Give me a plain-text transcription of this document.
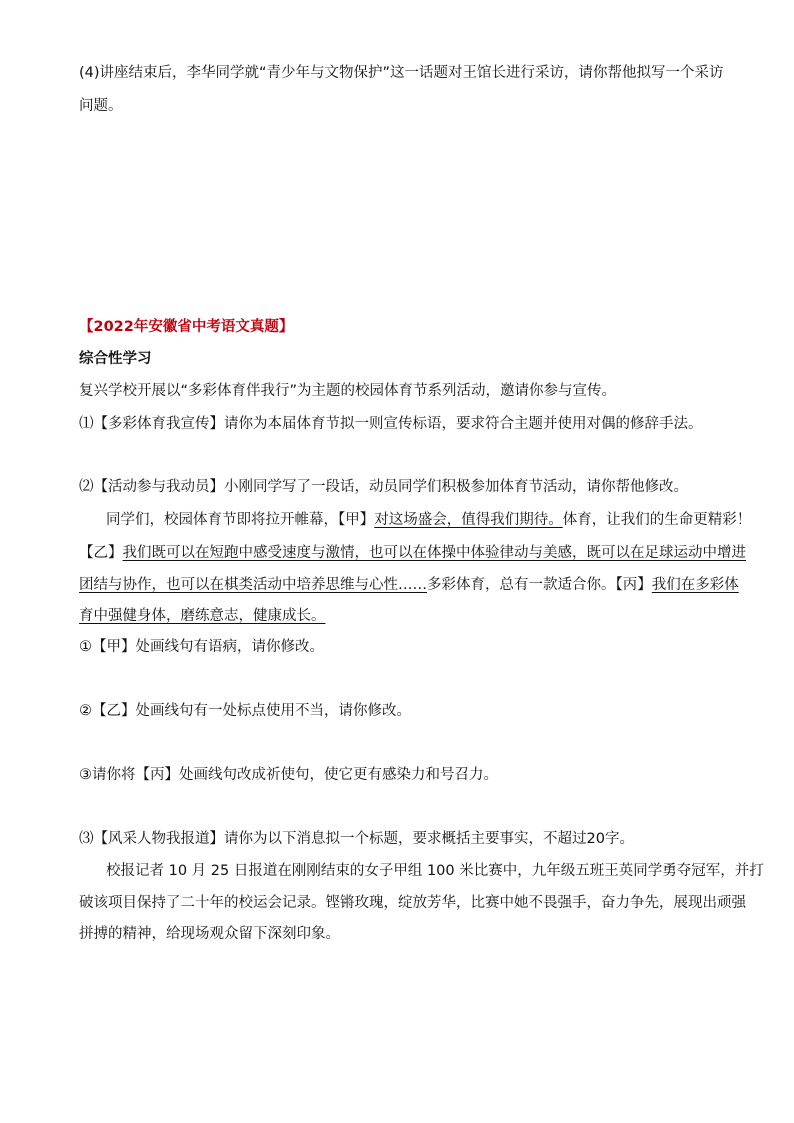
(4)讲座结束后，李华同学就“青少年与文物保护”这一话题对王馆长进行采访，请你帮他拟写一个采访
问题。
【2022年安徽省中考语文真题】
综合性学习
复兴学校开展以“多彩体育伴我行”为主题的校园体育节系列活动，邀请你参与宣传。
⑴【多彩体育我宣传】请你为本届体育节拟一则宣传标语，要求符合主题并使用对偶的修辞手法。
⑵【活动参与我动员】小刚同学写了一段话，动员同学们积极参加体育节活动，请你帮他修改。
同学们，校园体育节即将拉开帷幕，【甲】对这场盛会，值得我们期待。体育，让我们的生命更精彩！
【乙】我们既可以在短跑中感受速度与激情，也可以在体操中体验律动与美感，既可以在足球运动中增进
团结与协作，也可以在棋类活动中培养思维与心性……多彩体育，总有一款适合你。【丙】我们在多彩体
育中强健身体，磨练意志，健康成长。
①【甲】处画线句有语病，请你修改。
②【乙】处画线句有一处标点使用不当，请你修改。
③请你将【丙】处画线句改成祈使句，使它更有感染力和号召力。
⑶【风采人物我报道】请你为以下消息拟一个标题，要求概括主要事实，不超过20字。
校报记者 10 月 25 日报道在刚刚结束的女子甲组 100 米比赛中，九年级五班王英同学勇夺冠军，并打
破该项目保持了二十年的校运会记录。铿锵玫瑰，绽放芳华，比赛中她不畏强手，奋力争先，展现出顽强
拼搏的精神，给现场观众留下深刻印象。
